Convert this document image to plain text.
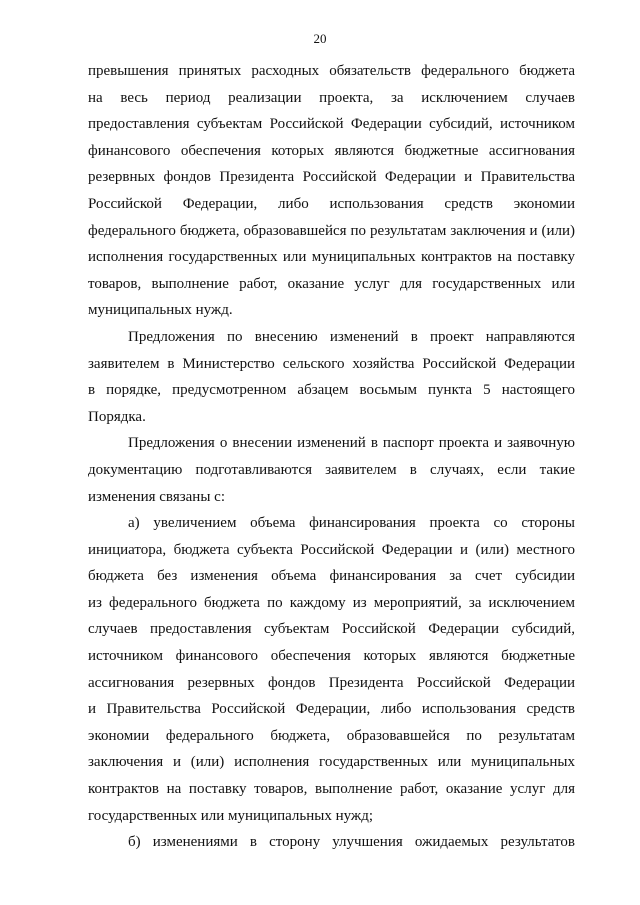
20
превышения принятых расходных обязательств федерального бюджета
на весь период реализации проекта, за исключением случаев
предоставления субъектам Российской Федерации субсидий, источником
финансового обеспечения которых являются бюджетные ассигнования
резервных фондов Президента Российской Федерации и Правительства
Российской Федерации, либо использования средств экономии
федерального бюджета, образовавшейся по результатам заключения и (или)
исполнения государственных или муниципальных контрактов на поставку
товаров, выполнение работ, оказание услуг для государственных или
муниципальных нужд.
Предложения по внесению изменений в проект направляются
заявителем в Министерство сельского хозяйства Российской Федерации
в порядке, предусмотренном абзацем восьмым пункта 5 настоящего
Порядка.
Предложения о внесении изменений в паспорт проекта и заявочную
документацию подготавливаются заявителем в случаях, если такие
изменения связаны с:
а) увеличением объема финансирования проекта со стороны
инициатора, бюджета субъекта Российской Федерации и (или) местного
бюджета без изменения объема финансирования за счет субсидии
из федерального бюджета по каждому из мероприятий, за исключением
случаев предоставления субъектам Российской Федерации субсидий,
источником финансового обеспечения которых являются бюджетные
ассигнования резервных фондов Президента Российской Федерации
и Правительства Российской Федерации, либо использования средств
экономии федерального бюджета, образовавшейся по результатам
заключения и (или) исполнения государственных или муниципальных
контрактов на поставку товаров, выполнение работ, оказание услуг для
государственных или муниципальных нужд;
б) изменениями в сторону улучшения ожидаемых результатов
